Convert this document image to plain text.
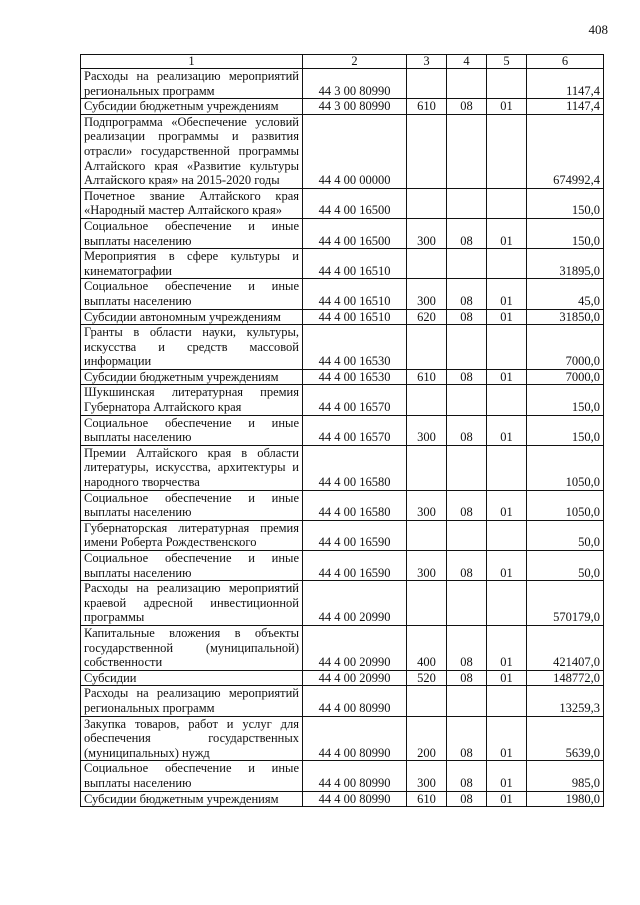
408
1	2	3	4	5	6
Расходы на реализацию мероприятий региональных программ	44 3 00 80990				1147,4
Субсидии бюджетным учреждениям	44 3 00 80990	610	08	01	1147,4
Подпрограмма «Обеспечение условий реализации программы и развития отрасли» государственной программы Алтайского края «Развитие культуры Алтайского края» на 2015-2020 годы	44 4 00 00000				674992,4
Почетное звание Алтайского края «Народный мастер Алтайского края»	44 4 00 16500				150,0
Социальное обеспечение и иные выплаты населению	44 4 00 16500	300	08	01	150,0
Мероприятия в сфере культуры и кинематографии	44 4 00 16510				31895,0
Социальное обеспечение и иные выплаты населению	44 4 00 16510	300	08	01	45,0
Субсидии автономным учреждениям	44 4 00 16510	620	08	01	31850,0
Гранты в области науки, культуры, искусства и средств массовой информации	44 4 00 16530				7000,0
Субсидии бюджетным учреждениям	44 4 00 16530	610	08	01	7000,0
Шукшинская литературная премия Губернатора Алтайского края	44 4 00 16570				150,0
Социальное обеспечение и иные выплаты населению	44 4 00 16570	300	08	01	150,0
Премии Алтайского края в области литературы, искусства, архитектуры и народного творчества	44 4 00 16580				1050,0
Социальное обеспечение и иные выплаты населению	44 4 00 16580	300	08	01	1050,0
Губернаторская литературная премия имени Роберта Рождественского	44 4 00 16590				50,0
Социальное обеспечение и иные выплаты населению	44 4 00 16590	300	08	01	50,0
Расходы на реализацию мероприятий краевой адресной инвестиционной программы	44 4 00 20990				570179,0
Капитальные вложения в объекты государственной (муниципальной) собственности	44 4 00 20990	400	08	01	421407,0
Субсидии	44 4 00 20990	520	08	01	148772,0
Расходы на реализацию мероприятий региональных программ	44 4 00 80990				13259,3
Закупка товаров, работ и услуг для обеспечения государственных (муниципальных) нужд	44 4 00 80990	200	08	01	5639,0
Социальное обеспечение и иные выплаты населению	44 4 00 80990	300	08	01	985,0
Субсидии бюджетным учреждениям	44 4 00 80990	610	08	01	1980,0
